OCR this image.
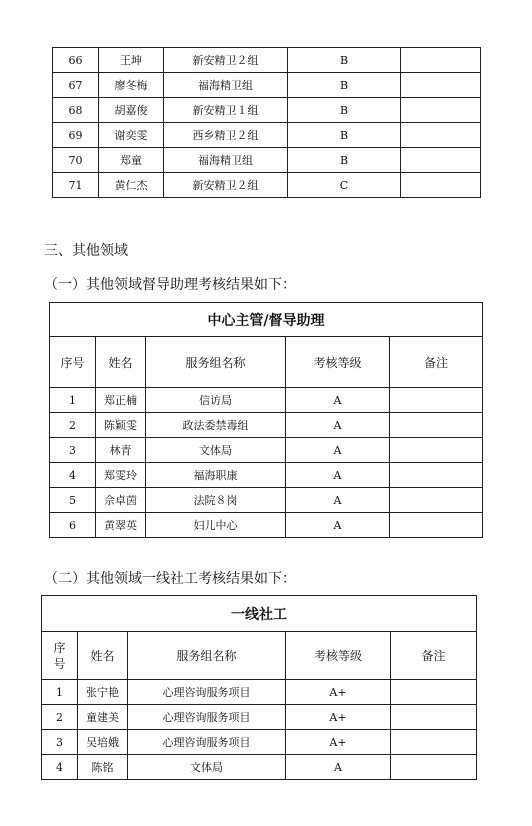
66	王坤	新安精卫２组	B	
67	廖冬梅	福海精卫组	B	
68	胡嘉俊	新安精卫１组	B	
69	谢奕雯	西乡精卫２组	B	
70	郑童	福海精卫组	B	
71	黄仁杰	新安精卫２组	C	
三、其他领域
（一）其他领域督导助理考核结果如下：
中心主管/督导助理				
序号	姓名	服务组名称	考核等级	备注
1	郑正楠	信访局	A	
2	陈颖雯	政法委禁毒组	A	
3	林青	文体局	A	
4	郑雯玲	福海职康	A	
5	佘卓茵	法院８岗	A	
6	黄翠英	妇儿中心	A	
（二）其他领域一线社工考核结果如下：
一线社工				
序号	姓名	服务组名称	考核等级	备注
1	张宁艳	心理咨询服务项目	A+	
2	童建美	心理咨询服务项目	A+	
3	吴培娥	心理咨询服务项目	A+	
4	陈铭	文体局	A	
